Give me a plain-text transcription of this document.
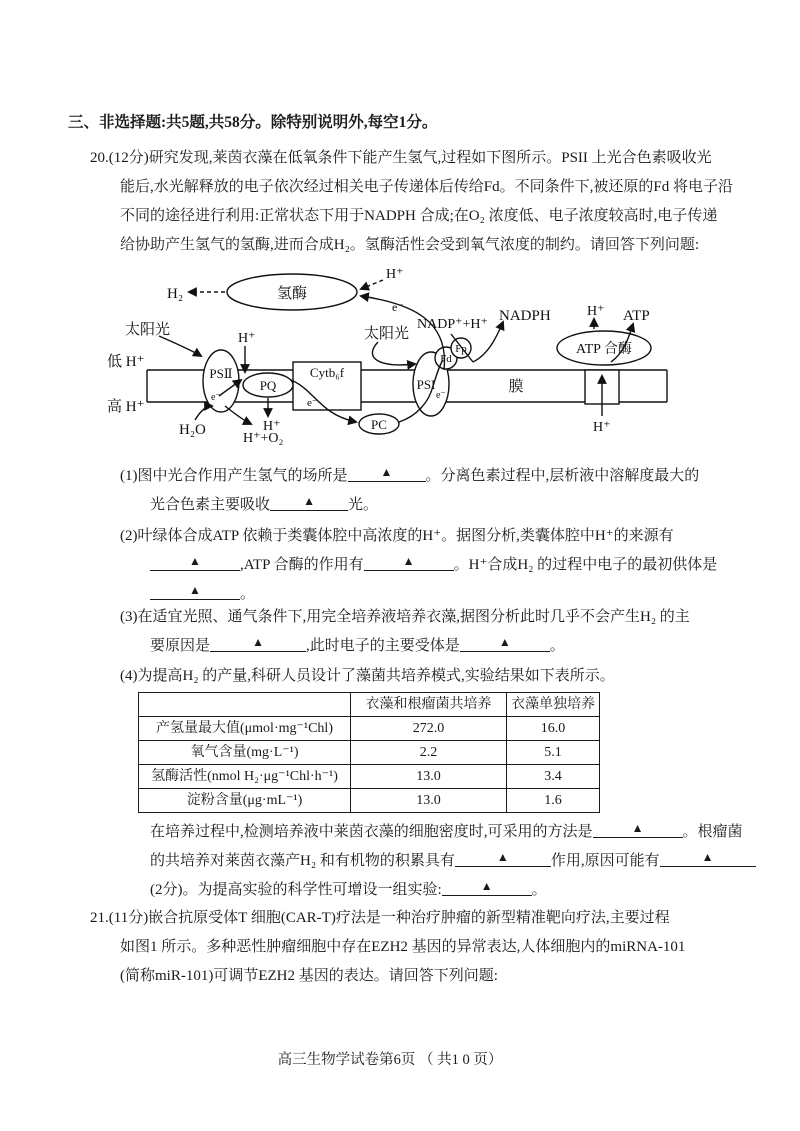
三、非选择题:共5题,共58分。除特别说明外,每空1分。
20.(12分)研究发现,莱茵衣藻在低氧条件下能产生氢气,过程如下图所示。PSII 上光合色素吸收光
能后,水光解释放的电子依次经过相关电子传递体后传给Fd。不同条件下,被还原的Fd 将电子沿
不同的途径进行利用:正常状态下用于NADPH 合成;在O₂ 浓度低、电子浓度较高时,电子传递
给协助产生氢气的氢酶,进而合成H₂。氢酶活性会受到氧气浓度的制约。请回答下列问题:
H₂	氢酶
H⁺
e⁻
太阳光
NADP⁺+H⁺
NADPH
Fd
Fp
太阳光
H⁺
低 H⁺
高 H⁺
PSⅡ
e⁻
PQ
Cytb₆f
e⁻
PC
PSI
e⁻
膜
ATP 合酶
H⁺ ATP
H⁺
H⁺
H₂O
H⁺+O₂
(1)图中光合作用产生氢气的场所是	▲ 。分离色素过程中,层析液中溶解度最大的
光合色素主要吸收	▲ 光。
(2)叶绿体合成ATP 依赖于类囊体腔中高浓度的H⁺。据图分析,类囊体腔中H⁺的来源有
▲	,ATP 合酶的作用有	▲	。H⁺合成H₂ 的过程中电子的最初供体是
▲	。
(3)在适宜光照、通气条件下,用完全培养液培养衣藻,据图分析此时几乎不会产生H₂ 的主
要原因是	▲	,此时电子的主要受体是	▲	。
(4)为提高H₂ 的产量,科研人员设计了藻菌共培养模式,实验结果如下表所示。
	衣藻和根瘤菌共培养	衣藻单独培养
产氢量最大值(μmol·mg⁻¹Chl)	272.0	16.0
氧气含量(mg·L⁻¹)	2.2	5.1
氢酶活性(nmol H₂·μg⁻¹Chl·h⁻¹)	13.0	3.4
淀粉含量(μg·mL⁻¹)	13.0	1.6
在培养过程中,检测培养液中莱茵衣藻的细胞密度时,可采用的方法是	▲	。根瘤菌
的共培养对莱茵衣藻产H₂ 和有机物的积累具有	▲	作用,原因可能有	▲
(2分)。为提高实验的科学性可增设一组实验:	▲	。
21.(11分)嵌合抗原受体T 细胞(CAR-T)疗法是一种治疗肿瘤的新型精准靶向疗法,主要过程
如图1 所示。多种恶性肿瘤细胞中存在EZH2 基因的异常表达,人体细胞内的miRNA-101
(简称miR-101)可调节EZH2 基因的表达。请回答下列问题:
高三生物学试卷第6页 （ 共1 0 页）
